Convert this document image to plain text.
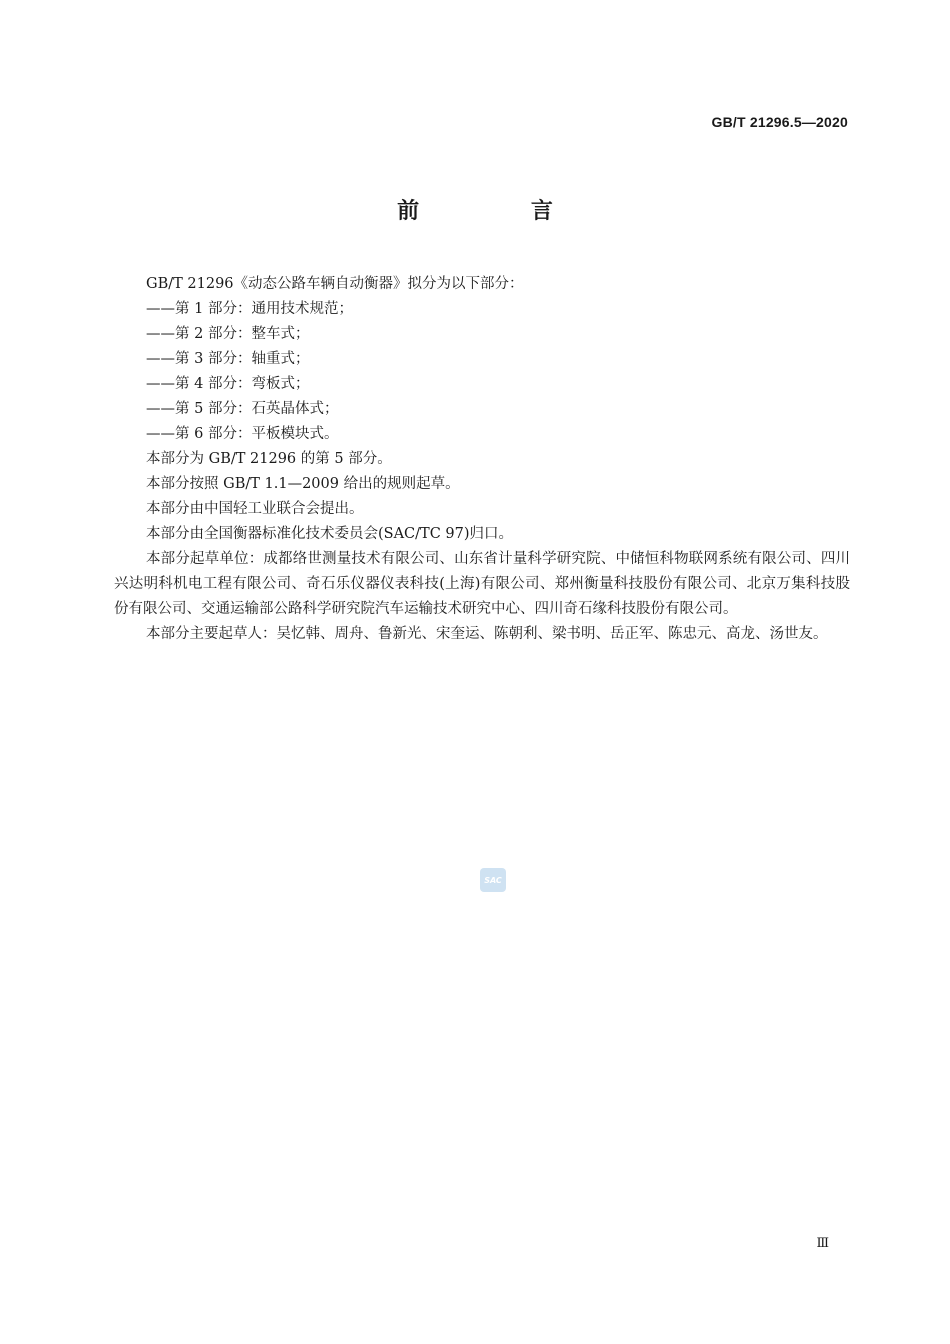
GB/T 21296.5—2020
前 言

GB/T 21296《动态公路车辆自动衡器》拟分为以下部分：

——第 1 部分：通用技术规范；

——第 2 部分：整车式；

——第 3 部分：轴重式；

——第 4 部分：弯板式；

——第 5 部分：石英晶体式；

——第 6 部分：平板模块式。

本部分为 GB/T 21296 的第 5 部分。

本部分按照 GB/T 1.1—2009 给出的规则起草。

本部分由中国轻工业联合会提出。

本部分由全国衡器标准化技术委员会(SAC/TC 97)归口。

本部分起草单位：成都络世测量技术有限公司、山东省计量科学研究院、中储恒科物联网系统有限公司、四川兴达明科机电工程有限公司、奇石乐仪器仪表科技(上海)有限公司、郑州衡量科技股份有限公司、北京万集科技股份有限公司、交通运输部公路科学研究院汽车运输技术研究中心、四川奇石缘科技股份有限公司。

本部分主要起草人：吴忆韩、周舟、鲁新光、宋奎运、陈朝利、梁书明、岳正军、陈忠元、高龙、汤世友。

SAC
Ⅲ
